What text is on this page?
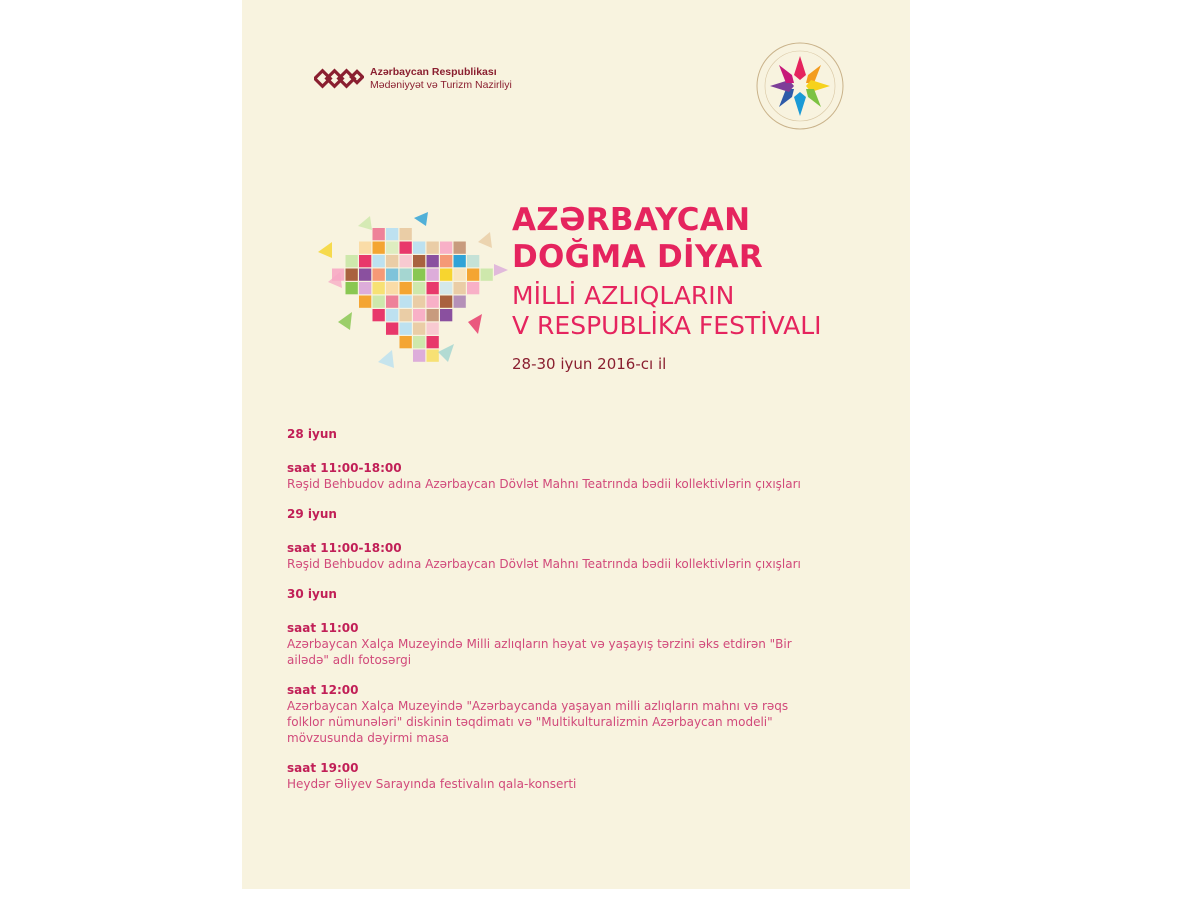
Azərbaycan Respublikası
Mədəniyyət və Turizm Nazirliyi
AZƏRBAYCAN
DOĞMA DİYAR
MİLLİ AZLIQLARIN
V RESPUBLİKA FESTİVALI
28-30 iyun 2016-cı il
28 iyun
saat 11:00-18:00
Rəşid Behbudov adına Azərbaycan Dövlət Mahnı Teatrında bədii kollektivlərin çıxışları
29 iyun
saat 11:00-18:00
Rəşid Behbudov adına Azərbaycan Dövlət Mahnı Teatrında bədii kollektivlərin çıxışları
30 iyun
saat 11:00
Azərbaycan Xalça Muzeyində Milli azlıqların həyat və yaşayış tərzini əks etdirən "Bir ailədə" adlı fotosərgi
saat 12:00
Azərbaycan Xalça Muzeyində "Azərbaycanda yaşayan milli azlıqların mahnı və rəqs folklor nümunələri" diskinin təqdimatı və "Multikulturalizmin Azərbaycan modeli" mövzusunda dəyirmi masa
saat 19:00
Heydər Əliyev Sarayında festivalın qala-konserti
